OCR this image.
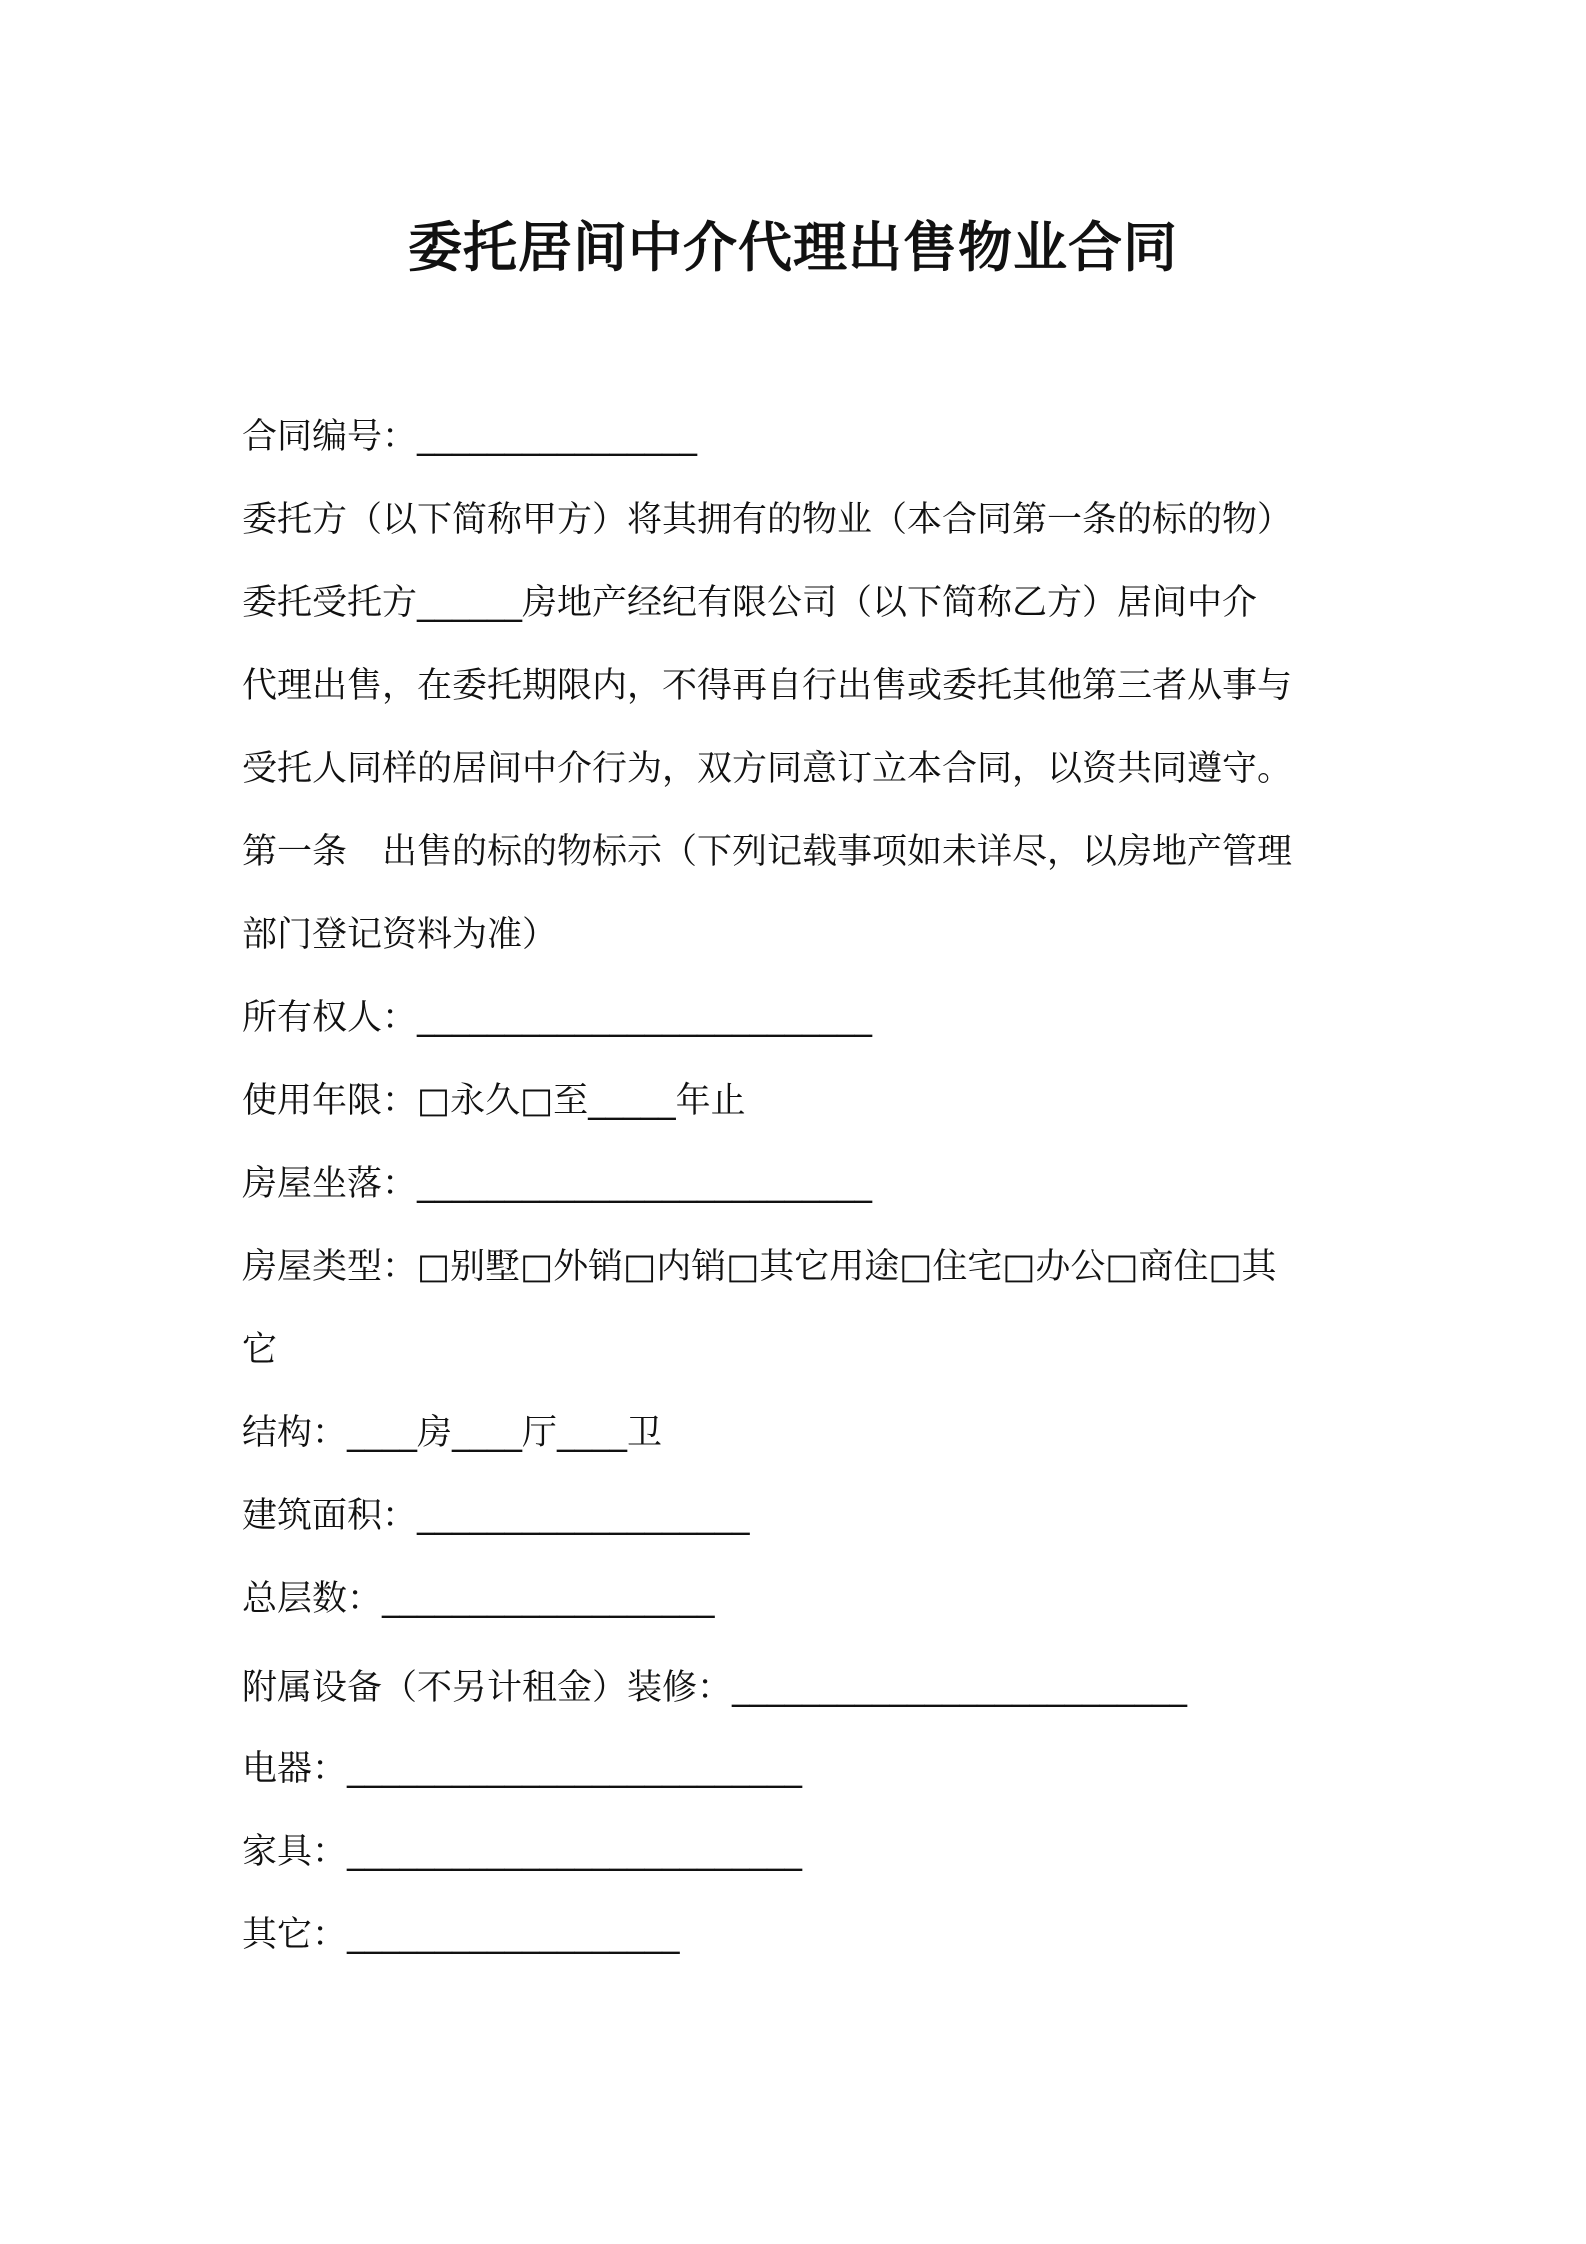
委托居间中介代理出售物业合同

合同编号：________________

委托方（以下简称甲方）将其拥有的物业（本合同第一条的标的物）

委托受托方______房地产经纪有限公司（以下简称乙方）居间中介

代理出售，在委托期限内，不得再自行出售或委托其他第三者从事与

受托人同样的居间中介行为，双方同意订立本合同，以资共同遵守。

第一条　出售的标的物标示（下列记载事项如未详尽，以房地产管理

部门登记资料为准）

所有权人：__________________________

使用年限：□永久□至_____年止

房屋坐落：__________________________

房屋类型：□别墅□外销□内销□其它用途□住宅□办公□商住□其

它

结构：____房____厅____卫

建筑面积：___________________

总层数：___________________

附属设备（不另计租金）装修：__________________________

电器：__________________________

家具：__________________________

其它：___________________
